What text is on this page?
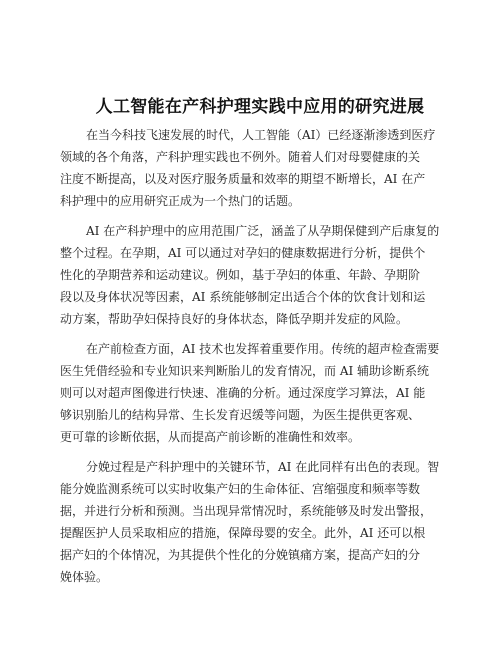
人工智能在产科护理实践中应用的研究进展
在当今科技飞速发展的时代，人工智能（AI）已经逐渐渗透到医疗
领域的各个角落，产科护理实践也不例外。随着人们对母婴健康的关
注度不断提高，以及对医疗服务质量和效率的期望不断增长，AI 在产
科护理中的应用研究正成为一个热门的话题。
AI 在产科护理中的应用范围广泛，涵盖了从孕期保健到产后康复的
整个过程。在孕期，AI 可以通过对孕妇的健康数据进行分析，提供个
性化的孕期营养和运动建议。例如，基于孕妇的体重、年龄、孕期阶
段以及身体状况等因素，AI 系统能够制定出适合个体的饮食计划和运
动方案，帮助孕妇保持良好的身体状态，降低孕期并发症的风险。
在产前检查方面，AI 技术也发挥着重要作用。传统的超声检查需要
医生凭借经验和专业知识来判断胎儿的发育情况，而 AI 辅助诊断系统
则可以对超声图像进行快速、准确的分析。通过深度学习算法，AI 能
够识别胎儿的结构异常、生长发育迟缓等问题，为医生提供更客观、
更可靠的诊断依据，从而提高产前诊断的准确性和效率。
分娩过程是产科护理中的关键环节，AI 在此同样有出色的表现。智
能分娩监测系统可以实时收集产妇的生命体征、宫缩强度和频率等数
据，并进行分析和预测。当出现异常情况时，系统能够及时发出警报，
提醒医护人员采取相应的措施，保障母婴的安全。此外，AI 还可以根
据产妇的个体情况，为其提供个性化的分娩镇痛方案，提高产妇的分
娩体验。
